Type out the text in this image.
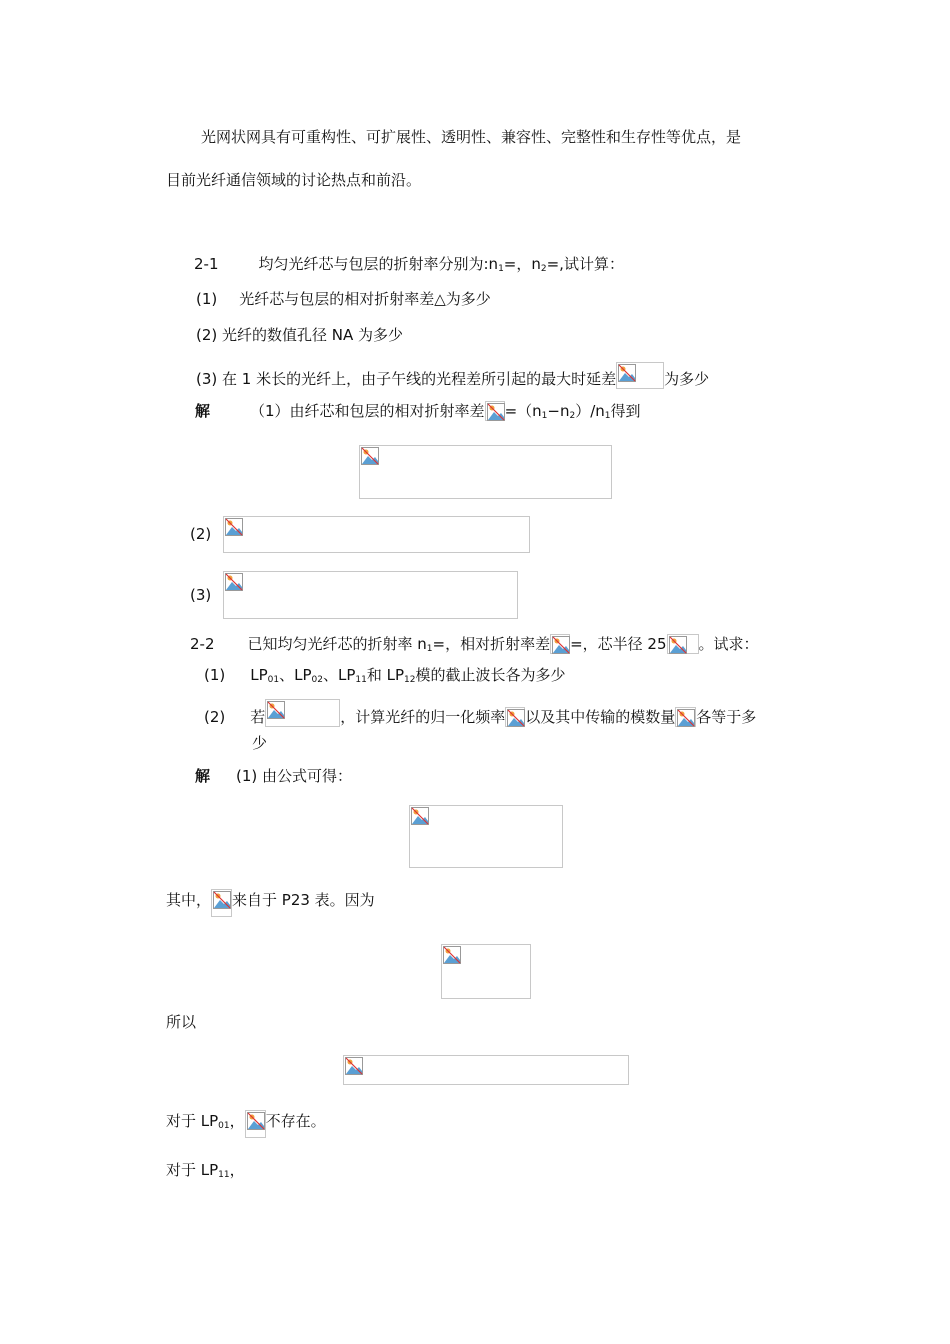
光网状网具有可重构性、可扩展性、透明性、兼容性、完整性和生存性等优点，是
目前光纤通信领域的讨论热点和前沿。
2-1	均匀光纤芯与包层的折射率分别为$:n_1=$，$n_2=$,试计算：
(1) 光纤芯与包层的相对折射率差△为多少
(2) 光纤的数值孔径 NA 为多少
(3) 在 1 米长的光纤上，由子午线的光程差所引起的最大时延差	为多少
解	（1）由纤芯和包层的相对折射率差 $=(n_1-n_2)/n_1$得到
(2)
(3)
2-2 已知均匀光纤芯的折射率 $n_1=$，相对折射率差 =，芯半径 25 。试求：
(1) $LP_{01}$、$LP_{02}$、$LP_{11}$和 $LP_{12}$模的截止波长各为多少
(2) 若	，计算光纤的归一化频率 以及其中传输的模数量 各等于多
少
解 (1) 由公式可得：
其中， 来自于 P23 表。因为
所以
对于 $LP_{01}$， 不存在。
对于 $LP_{11}$，
